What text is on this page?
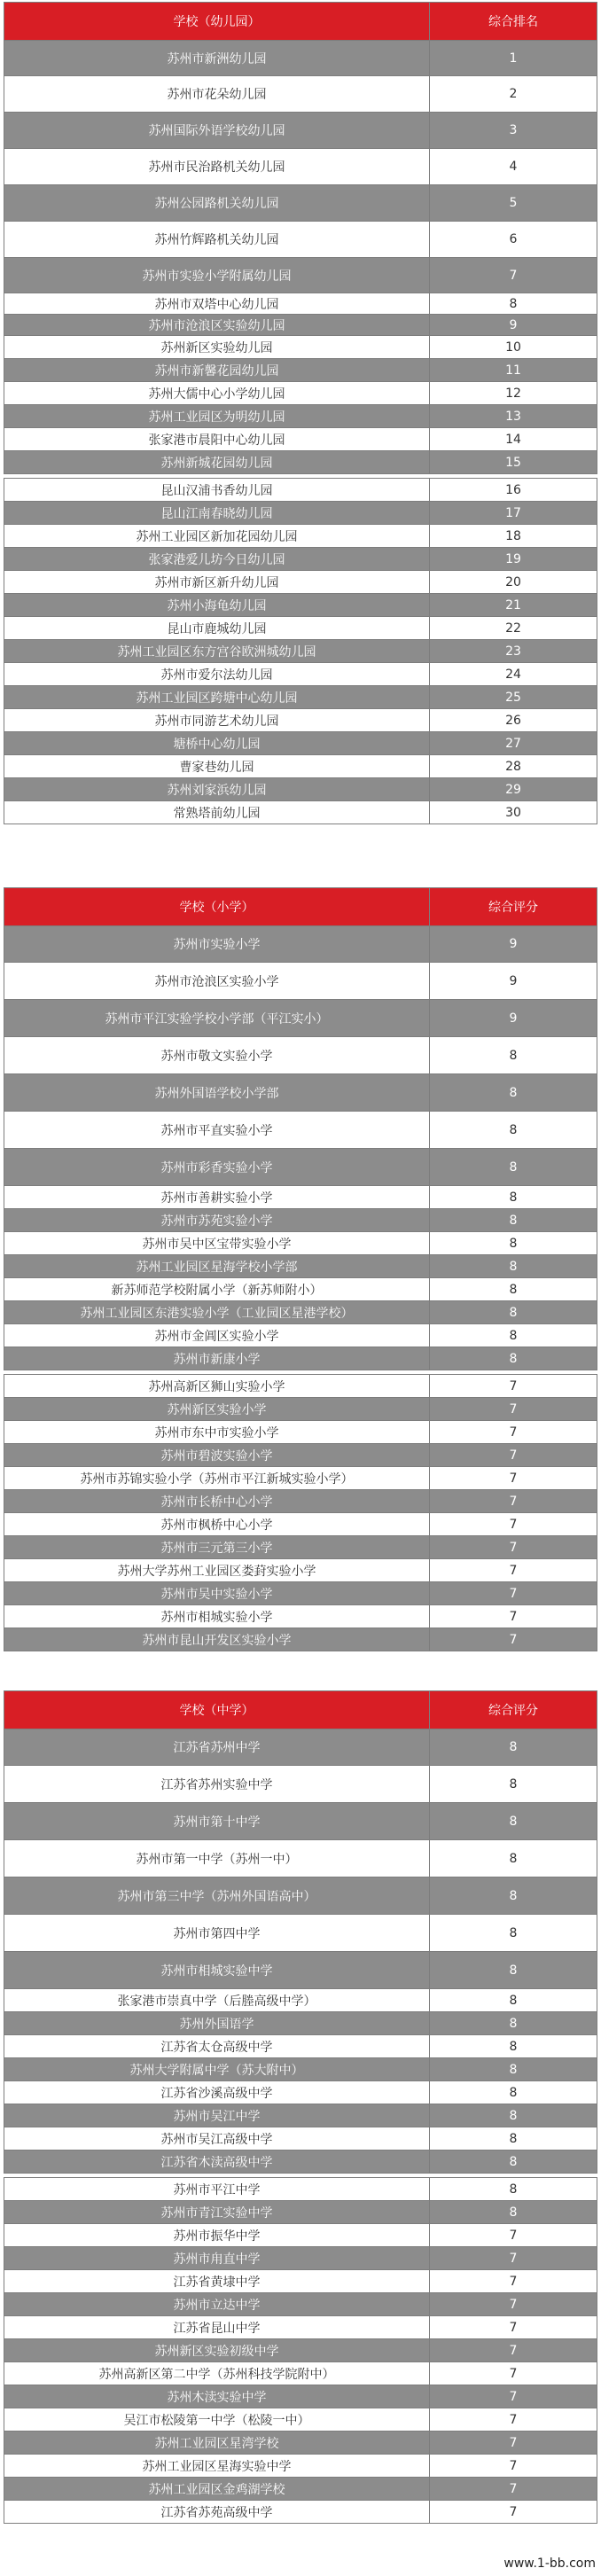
学校（幼儿园）	综合排名
苏州市新洲幼儿园	1
苏州市花朵幼儿园	2
苏州国际外语学校幼儿园	3
苏州市民治路机关幼儿园	4
苏州公园路机关幼儿园	5
苏州竹辉路机关幼儿园	6
苏州市实验小学附属幼儿园	7
苏州市双塔中心幼儿园	8
苏州市沧浪区实验幼儿园	9
苏州新区实验幼儿园	10
苏州市新馨花园幼儿园	11
苏州大儒中心小学幼儿园	12
苏州工业园区为明幼儿园	13
张家港市晨阳中心幼儿园	14
苏州新城花园幼儿园	15

昆山汉浦书香幼儿园	16
昆山江南春晓幼儿园	17
苏州工业园区新加花园幼儿园	18
张家港爱儿坊今日幼儿园	19
苏州市新区新升幼儿园	20
苏州小海龟幼儿园	21
昆山市鹿城幼儿园	22
苏州工业园区东方宫谷欧洲城幼儿园	23
苏州市爱尔法幼儿园	24
苏州工业园区跨塘中心幼儿园	25
苏州市同游艺术幼儿园	26
塘桥中心幼儿园	27
曹家巷幼儿园	28
苏州刘家浜幼儿园	29
常熟塔前幼儿园	30
学校（小学）	综合评分
苏州市实验小学	9
苏州市沧浪区实验小学	9
苏州市平江实验学校小学部（平江实小）	9
苏州市敬文实验小学	8
苏州外国语学校小学部	8
苏州市平直实验小学	8
苏州市彩香实验小学	8
苏州市善耕实验小学	8
苏州市苏苑实验小学	8
苏州市吴中区宝带实验小学	8
苏州工业园区星海学校小学部	8
新苏师范学校附属小学（新苏师附小）	8
苏州工业园区东港实验小学（工业园区星港学校）	8
苏州市金阊区实验小学	8
苏州市新康小学	8

苏州高新区狮山实验小学	7
苏州新区实验小学	7
苏州市东中市实验小学	7
苏州市碧波实验小学	7
苏州市苏锦实验小学（苏州市平江新城实验小学）	7
苏州市长桥中心小学	7
苏州市枫桥中心小学	7
苏州市三元第三小学	7
苏州大学苏州工业园区娄葑实验小学	7
苏州市吴中实验小学	7
苏州市相城实验小学	7
苏州市昆山开发区实验小学	7
学校（中学）	综合评分
江苏省苏州中学	8
江苏省苏州实验中学	8
苏州市第十中学	8
苏州市第一中学（苏州一中）	8
苏州市第三中学（苏州外国语高中）	8
苏州市第四中学	8
苏州市相城实验中学	8
张家港市崇真中学（后塍高级中学）	8
苏州外国语学	8
江苏省太仓高级中学	8
苏州大学附属中学（苏大附中）	8
江苏省沙溪高级中学	8
苏州市吴江中学	8
苏州市吴江高级中学	8
江苏省木渎高级中学	8

苏州市平江中学	8
苏州市青江实验中学	8
苏州市振华中学	7
苏州市甪直中学	7
江苏省黄埭中学	7
苏州市立达中学	7
江苏省昆山中学	7
苏州新区实验初级中学	7
苏州高新区第二中学（苏州科技学院附中）	7
苏州木渎实验中学	7
吴江市松陵第一中学（松陵一中）	7
苏州工业园区星湾学校	7
苏州工业园区星海实验中学	7
苏州工业园区金鸡湖学校	7
江苏省苏苑高级中学	7
www.1-bb.com
